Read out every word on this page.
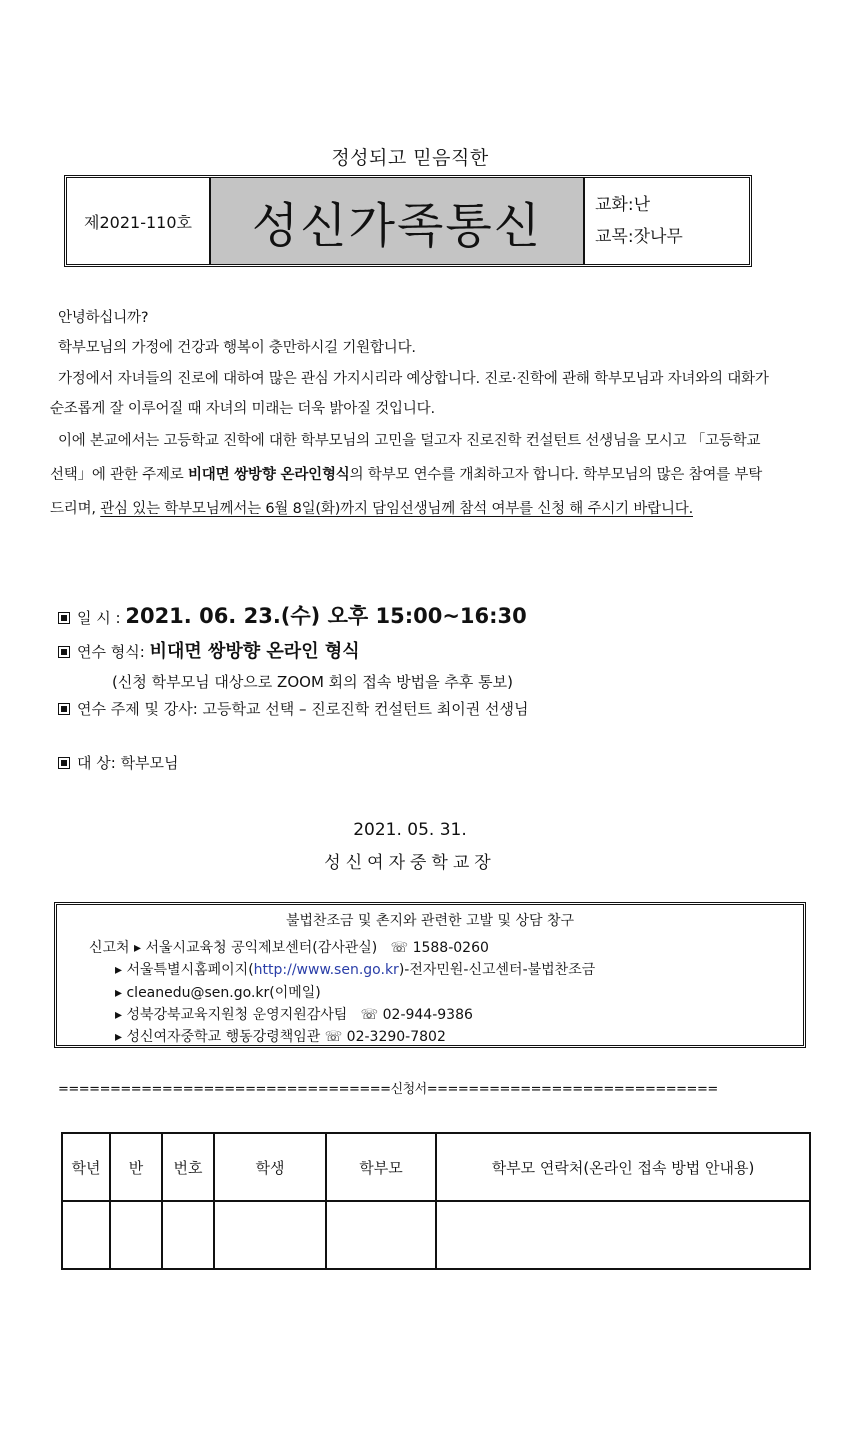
정성되고 믿음직한
제2021-110호	성신가족통신	교화:난
교목:잣나무
안녕하십니까?
학부모님의 가정에 건강과 행복이 충만하시길 기원합니다.
가정에서 자녀들의 진로에 대하여 많은 관심 가지시리라 예상합니다. 진로·진학에 관해 학부모님과 자녀와의 대화가 순조롭게 잘 이루어질 때 자녀의 미래는 더욱 밝아질 것입니다.
이에 본교에서는 고등학교 진학에 대한 학부모님의 고민을 덜고자 진로진학 컨설턴트 선생님을 모시고 「고등학교 선택」에 관한 주제로 비대면 쌍방향 온라인형식의 학부모 연수를 개최하고자 합니다. 학부모님의 많은 참여를 부탁드리며, 관심 있는 학부모님께서는 6월 8일(화)까지 담임선생님께 참석 여부를 신청 해 주시기 바랍니다.
일 시 : 2021. 06. 23.(수) 오후 15:00~16:30
연수 형식: 비대면 쌍방향 온라인 형식
(신청 학부모님 대상으로 ZOOM 회의 접속 방법을 추후 통보)
연수 주제 및 강사: 고등학교 선택 – 진로진학 컨설턴트 최이권 선생님
대 상: 학부모님
2021. 05. 31.
성신여자중학교장
불법찬조금 및 촌지와 관련한 고발 및 상담 창구
신고처 ▸ 서울시교육청 공익제보센터(감사관실) ☏ 1588-0260
▸ 서울특별시홈페이지(http://www.sen.go.kr)-전자민원-신고센터-불법찬조금
▸ cleanedu@sen.go.kr(이메일)
▸ 성북강북교육지원청 운영지원감사팀 ☏ 02-944-9386
▸ 성신여자중학교 행동강령책임관 ☏ 02-3290-7802
================================신청서============================
학년	반	번호	학생	학부모	학부모 연락처(온라인 접속 방법 안내용)
